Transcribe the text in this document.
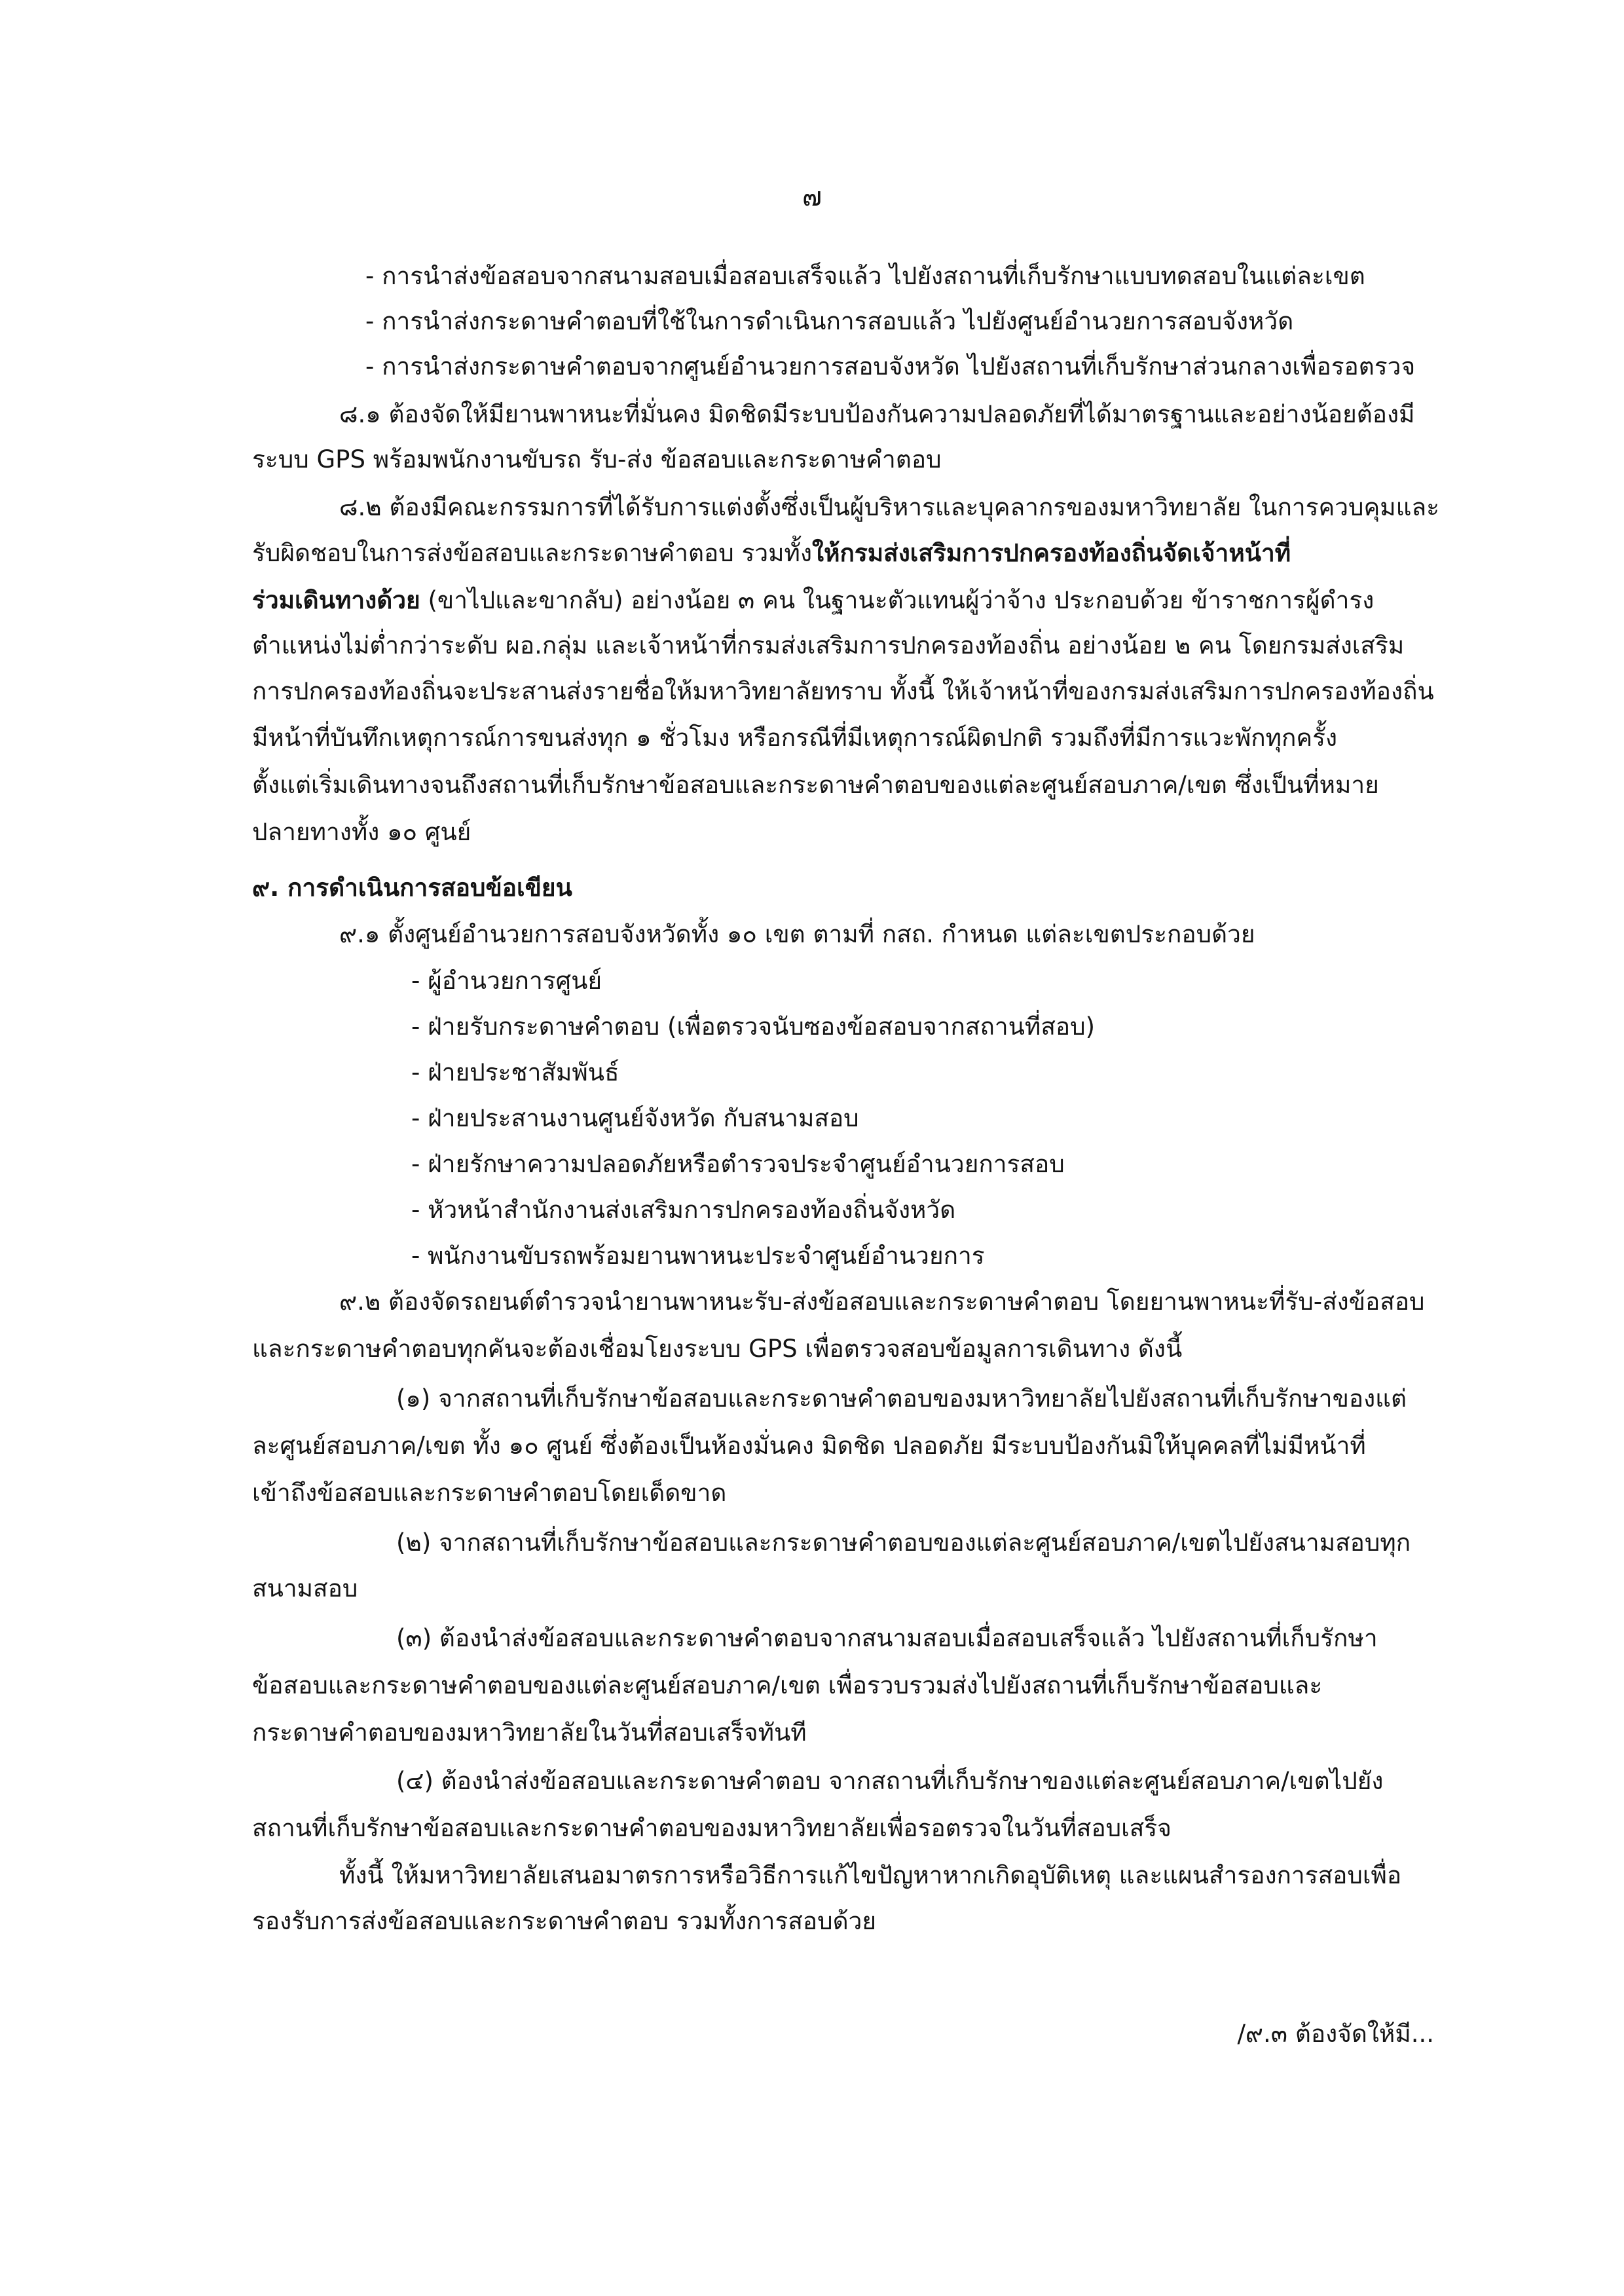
๗
- การนำส่งข้อสอบจากสนามสอบเมื่อสอบเสร็จแล้ว ไปยังสถานที่เก็บรักษาแบบทดสอบในแต่ละเขต
- การนำส่งกระดาษคำตอบที่ใช้ในการดำเนินการสอบแล้ว ไปยังศูนย์อำนวยการสอบจังหวัด
- การนำส่งกระดาษคำตอบจากศูนย์อำนวยการสอบจังหวัด ไปยังสถานที่เก็บรักษาส่วนกลางเพื่อรอตรวจ
๘.๑ ต้องจัดให้มียานพาหนะที่มั่นคง มิดชิดมีระบบป้องกันความปลอดภัยที่ได้มาตรฐานและอย่างน้อยต้องมี
ระบบ GPS พร้อมพนักงานขับรถ รับ-ส่ง ข้อสอบและกระดาษคำตอบ
๘.๒ ต้องมีคณะกรรมการที่ได้รับการแต่งตั้งซึ่งเป็นผู้บริหารและบุคลากรของมหาวิทยาลัย ในการควบคุมและ
รับผิดชอบในการส่งข้อสอบและกระดาษคำตอบ รวมทั้งให้กรมส่งเสริมการปกครองท้องถิ่นจัดเจ้าหน้าที่
ร่วมเดินทางด้วย (ขาไปและขากลับ) อย่างน้อย ๓ คน ในฐานะตัวแทนผู้ว่าจ้าง ประกอบด้วย ข้าราชการผู้ดำรง
ตำแหน่งไม่ต่ำกว่าระดับ ผอ.กลุ่ม และเจ้าหน้าที่กรมส่งเสริมการปกครองท้องถิ่น อย่างน้อย ๒ คน โดยกรมส่งเสริม
การปกครองท้องถิ่นจะประสานส่งรายชื่อให้มหาวิทยาลัยทราบ ทั้งนี้ ให้เจ้าหน้าที่ของกรมส่งเสริมการปกครองท้องถิ่น
มีหน้าที่บันทึกเหตุการณ์การขนส่งทุก ๑ ชั่วโมง หรือกรณีที่มีเหตุการณ์ผิดปกติ รวมถึงที่มีการแวะพักทุกครั้ง
ตั้งแต่เริ่มเดินทางจนถึงสถานที่เก็บรักษาข้อสอบและกระดาษคำตอบของแต่ละศูนย์สอบภาค/เขต ซึ่งเป็นที่หมาย
ปลายทางทั้ง ๑๐ ศูนย์
๙. การดำเนินการสอบข้อเขียน
๙.๑ ตั้งศูนย์อำนวยการสอบจังหวัดทั้ง ๑๐ เขต ตามที่ กสถ. กำหนด แต่ละเขตประกอบด้วย
- ผู้อำนวยการศูนย์
- ฝ่ายรับกระดาษคำตอบ (เพื่อตรวจนับซองข้อสอบจากสถานที่สอบ)
- ฝ่ายประชาสัมพันธ์
- ฝ่ายประสานงานศูนย์จังหวัด กับสนามสอบ
- ฝ่ายรักษาความปลอดภัยหรือตำรวจประจำศูนย์อำนวยการสอบ
- หัวหน้าสำนักงานส่งเสริมการปกครองท้องถิ่นจังหวัด
- พนักงานขับรถพร้อมยานพาหนะประจำศูนย์อำนวยการ
๙.๒ ต้องจัดรถยนต์ตำรวจนำยานพาหนะรับ-ส่งข้อสอบและกระดาษคำตอบ โดยยานพาหนะที่รับ-ส่งข้อสอบ
และกระดาษคำตอบทุกคันจะต้องเชื่อมโยงระบบ GPS เพื่อตรวจสอบข้อมูลการเดินทาง ดังนี้
(๑) จากสถานที่เก็บรักษาข้อสอบและกระดาษคำตอบของมหาวิทยาลัยไปยังสถานที่เก็บรักษาของแต่
ละศูนย์สอบภาค/เขต ทั้ง ๑๐ ศูนย์ ซึ่งต้องเป็นห้องมั่นคง มิดชิด ปลอดภัย มีระบบป้องกันมิให้บุคคลที่ไม่มีหน้าที่
เข้าถึงข้อสอบและกระดาษคำตอบโดยเด็ดขาด
(๒) จากสถานที่เก็บรักษาข้อสอบและกระดาษคำตอบของแต่ละศูนย์สอบภาค/เขตไปยังสนามสอบทุก
สนามสอบ
(๓) ต้องนำส่งข้อสอบและกระดาษคำตอบจากสนามสอบเมื่อสอบเสร็จแล้ว ไปยังสถานที่เก็บรักษา
ข้อสอบและกระดาษคำตอบของแต่ละศูนย์สอบภาค/เขต เพื่อรวบรวมส่งไปยังสถานที่เก็บรักษาข้อสอบและ
กระดาษคำตอบของมหาวิทยาลัยในวันที่สอบเสร็จทันที
(๔) ต้องนำส่งข้อสอบและกระดาษคำตอบ จากสถานที่เก็บรักษาของแต่ละศูนย์สอบภาค/เขตไปยัง
สถานที่เก็บรักษาข้อสอบและกระดาษคำตอบของมหาวิทยาลัยเพื่อรอตรวจในวันที่สอบเสร็จ
ทั้งนี้ ให้มหาวิทยาลัยเสนอมาตรการหรือวิธีการแก้ไขปัญหาหากเกิดอุบัติเหตุ และแผนสำรองการสอบเพื่อ
รองรับการส่งข้อสอบและกระดาษคำตอบ รวมทั้งการสอบด้วย
/๙.๓ ต้องจัดให้มี...
